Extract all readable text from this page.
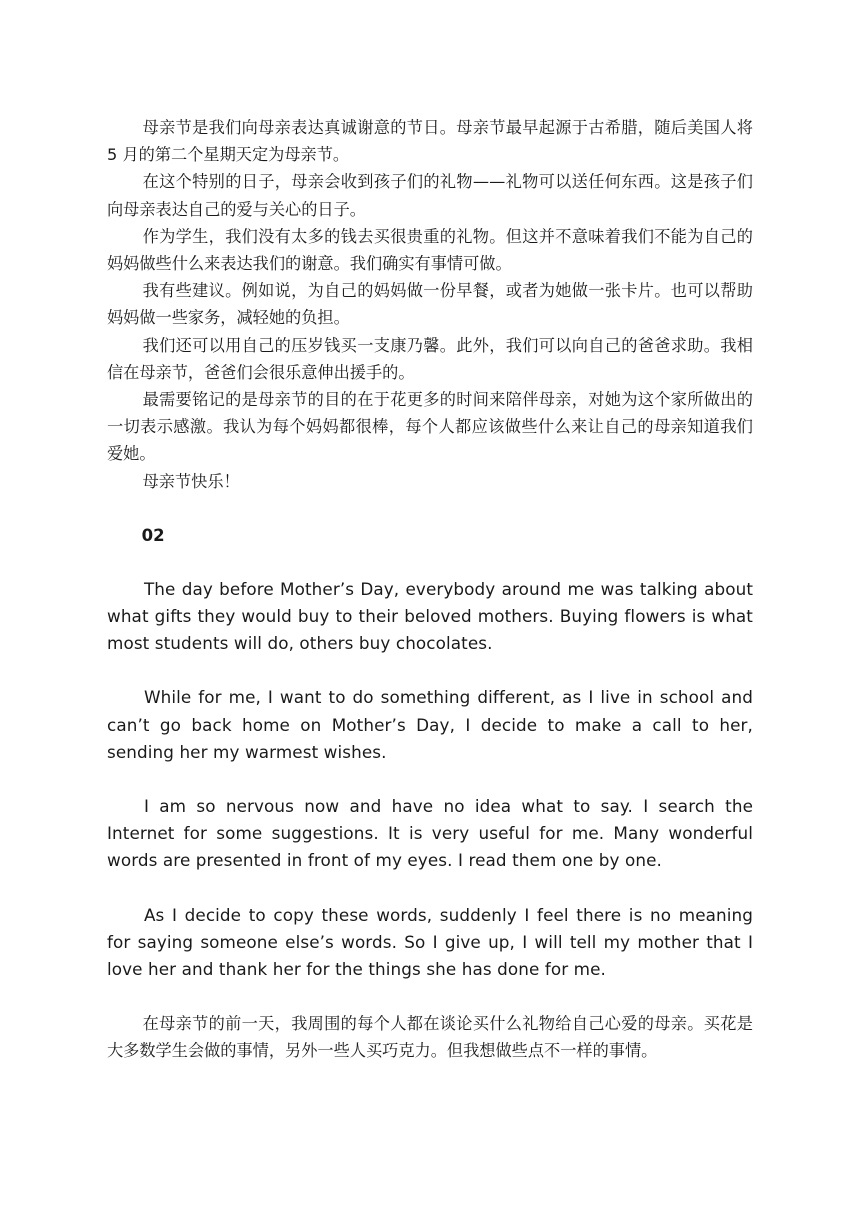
母亲节是我们向母亲表达真诚谢意的节日。母亲节最早起源于古希腊，随后美国人将 5 月的第二个星期天定为母亲节。

在这个特别的日子，母亲会收到孩子们的礼物——礼物可以送任何东西。这是孩子们向母亲表达自己的爱与关心的日子。

作为学生，我们没有太多的钱去买很贵重的礼物。但这并不意味着我们不能为自己的妈妈做些什么来表达我们的谢意。我们确实有事情可做。

我有些建议。例如说，为自己的妈妈做一份早餐，或者为她做一张卡片。也可以帮助妈妈做一些家务，减轻她的负担。

我们还可以用自己的压岁钱买一支康乃馨。此外，我们可以向自己的爸爸求助。我相信在母亲节，爸爸们会很乐意伸出援手的。

最需要铭记的是母亲节的目的在于花更多的时间来陪伴母亲，对她为这个家所做出的一切表示感激。我认为每个妈妈都很棒，每个人都应该做些什么来让自己的母亲知道我们爱她。

母亲节快乐！

02

The day before Mother’s Day, everybody around me was talking about what gifts they would buy to their beloved mothers. Buying flowers is what most students will do, others buy chocolates.

While for me, I want to do something different, as I live in school and can’t go back home on Mother’s Day, I decide to make a call to her, sending her my warmest wishes.

I am so nervous now and have no idea what to say. I search the Internet for some suggestions. It is very useful for me. Many wonderful words are presented in front of my eyes. I read them one by one.

As I decide to copy these words, suddenly I feel there is no meaning for saying someone else’s words. So I give up, I will tell my mother that I love her and thank her for the things she has done for me.

在母亲节的前一天，我周围的每个人都在谈论买什么礼物给自己心爱的母亲。买花是大多数学生会做的事情，另外一些人买巧克力。但我想做些点不一样的事情。
